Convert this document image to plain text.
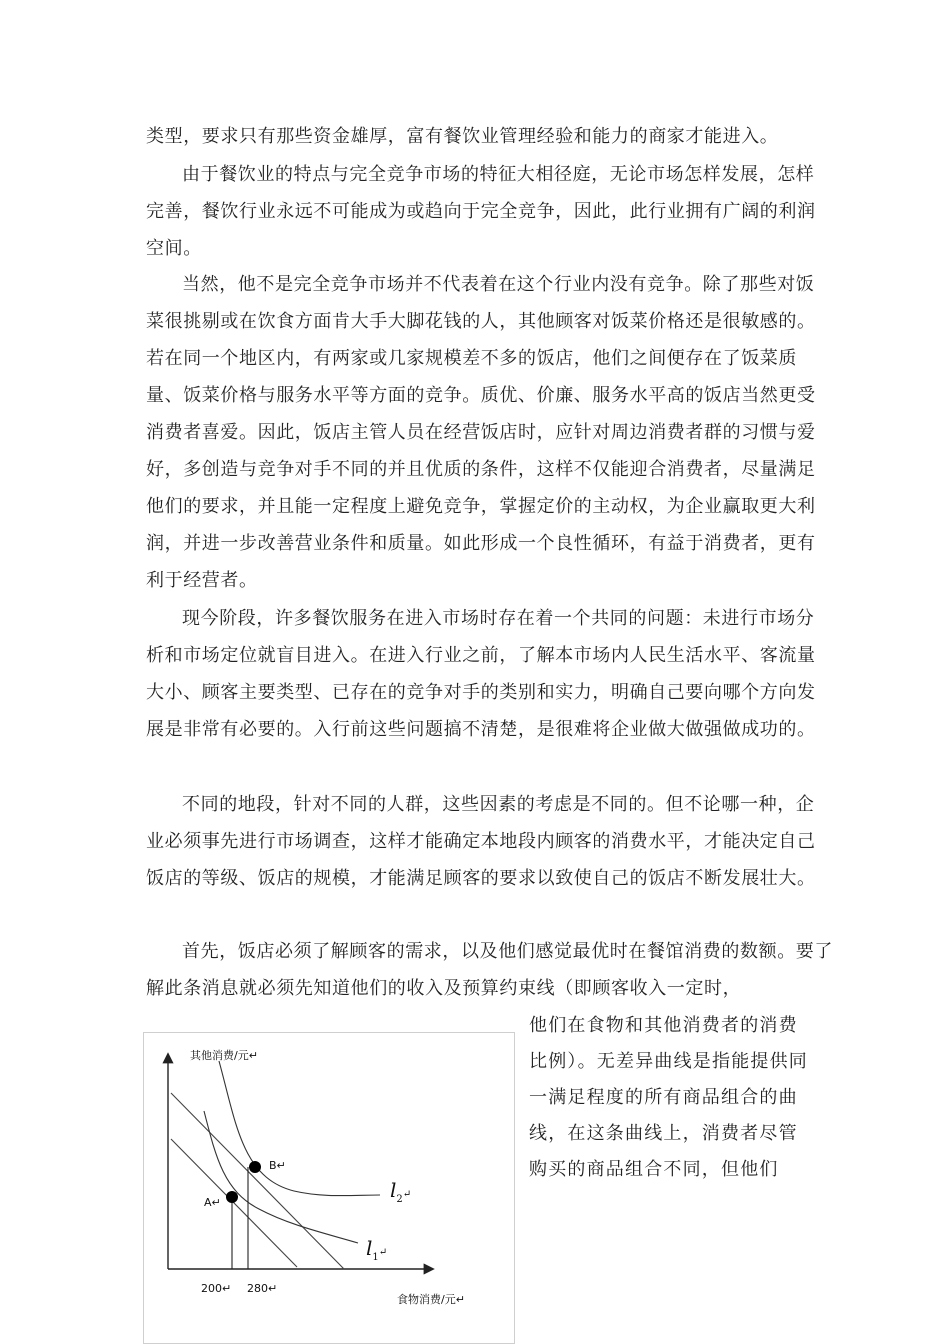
类型，要求只有那些资金雄厚，富有餐饮业管理经验和能力的商家才能进入。

由于餐饮业的特点与完全竞争市场的特征大相径庭，无论市场怎样发展，怎样完善，餐饮行业永远不可能成为或趋向于完全竞争，因此，此行业拥有广阔的利润空间。

当然，他不是完全竞争市场并不代表着在这个行业内没有竞争。除了那些对饭菜很挑剔或在饮食方面肯大手大脚花钱的人，其他顾客对饭菜价格还是很敏感的。若在同一个地区内，有两家或几家规模差不多的饭店，他们之间便存在了饭菜质量、饭菜价格与服务水平等方面的竞争。质优、价廉、服务水平高的饭店当然更受消费者喜爱。因此，饭店主管人员在经营饭店时，应针对周边消费者群的习惯与爱好，多创造与竞争对手不同的并且优质的条件，这样不仅能迎合消费者，尽量满足他们的要求，并且能一定程度上避免竞争，掌握定价的主动权，为企业赢取更大利润，并进一步改善营业条件和质量。如此形成一个良性循环，有益于消费者，更有利于经营者。

现今阶段，许多餐饮服务在进入市场时存在着一个共同的问题：未进行市场分析和市场定位就盲目进入。在进入行业之前，了解本市场内人民生活水平、客流量大小、顾客主要类型、已存在的竞争对手的类别和实力，明确自己要向哪个方向发展是非常有必要的。入行前这些问题搞不清楚，是很难将企业做大做强做成功的。

不同的地段，针对不同的人群，这些因素的考虑是不同的。但不论哪一种，企业必须事先进行市场调查，这样才能确定本地段内顾客的消费水平，才能决定自己饭店的等级、饭店的规模，才能满足顾客的要求以致使自己的饭店不断发展壮大。

首先，饭店必须了解顾客的需求，以及他们感觉最优时在餐馆消费的数额。要了解此条消息就必须先知道他们的收入及预算约束线（即顾客收入一定时，

他们在食物和其他消费者的消费比例）。无差异曲线是指能提供同一满足程度的所有商品组合的曲线，在这条曲线上，消费者尽管购买的商品组合不同，但他们

其他消费/元↵
B↵
A↵
200↵ 280↵
食物消费/元↵
$l_2↵$
$l_1↵$
